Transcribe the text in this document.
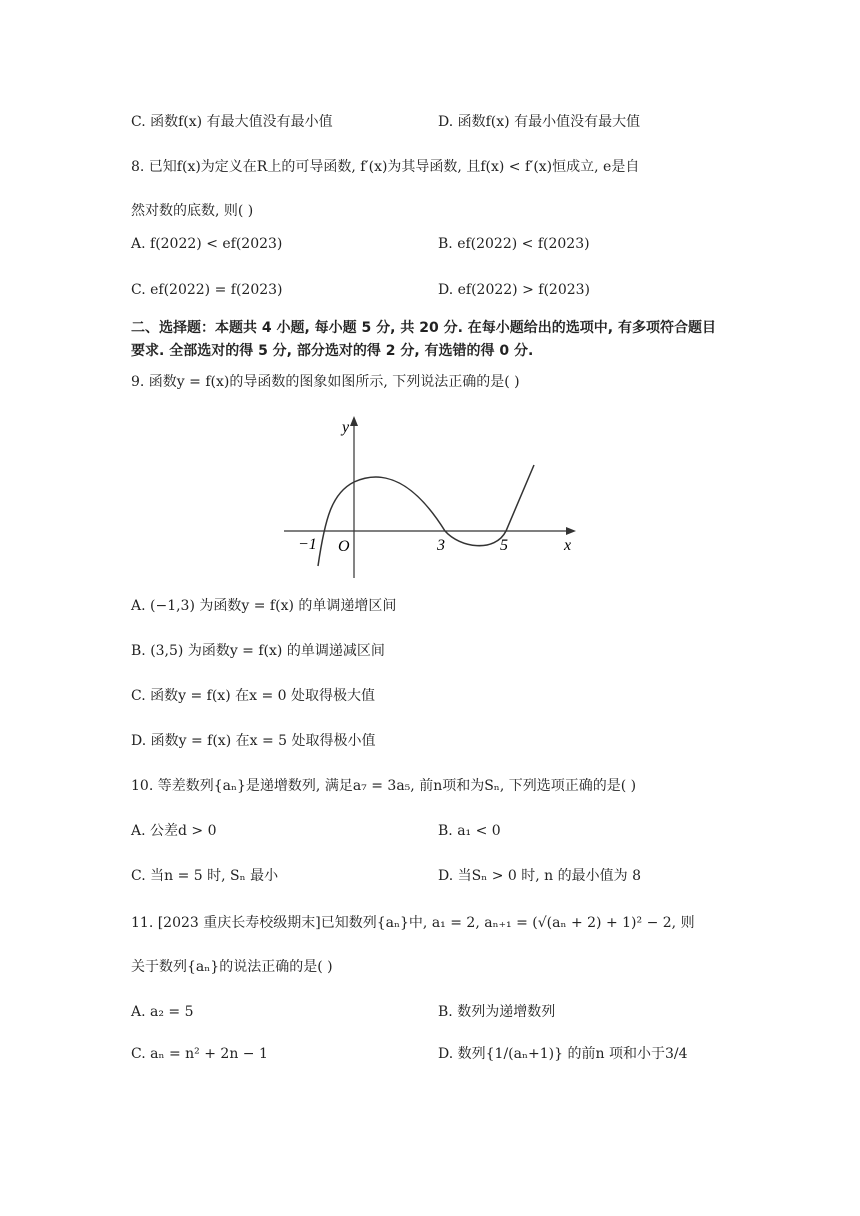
C. 函数f(x) 有最大值没有最小值	D. 函数f(x) 有最小值没有最大值
8. 已知f(x)为定义在R上的可导函数, f′(x)为其导函数, 且f(x) < f′(x)恒成立, e是自
然对数的底数, 则( )
A. f(2022) < ef(2023)	B. ef(2022) < f(2023)
C. ef(2022) = f(2023)	D. ef(2022) > f(2023)
二、选择题：本题共 4 小题, 每小题 5 分, 共 20 分. 在每小题给出的选项中, 有多项符合题目
要求. 全部选对的得 5 分, 部分选对的得 2 分, 有选错的得 0 分.
9. 函数y = f(x)的导函数的图象如图所示, 下列说法正确的是( )
y
x
O
−1	3	5
A. (−1,3) 为函数y = f(x) 的单调递增区间
B. (3,5) 为函数y = f(x) 的单调递减区间
C. 函数y = f(x) 在x = 0 处取得极大值
D. 函数y = f(x) 在x = 5 处取得极小值
10. 等差数列{aₙ}是递增数列, 满足a₇ = 3a₅, 前n项和为Sₙ, 下列选项正确的是( )
A. 公差d > 0	B. a₁ < 0
C. 当n = 5 时, Sₙ 最小	D. 当Sₙ > 0 时, n 的最小值为 8
11. [2023 重庆长寿校级期末]已知数列{aₙ}中, a₁ = 2, aₙ₊₁ = (√(aₙ + 2) + 1)² − 2, 则
关于数列{aₙ}的说法正确的是( )
A. a₂ = 5	B. 数列为递增数列
C. aₙ = n² + 2n − 1	D. 数列{1/(aₙ+1)} 的前n 项和小于3/4
